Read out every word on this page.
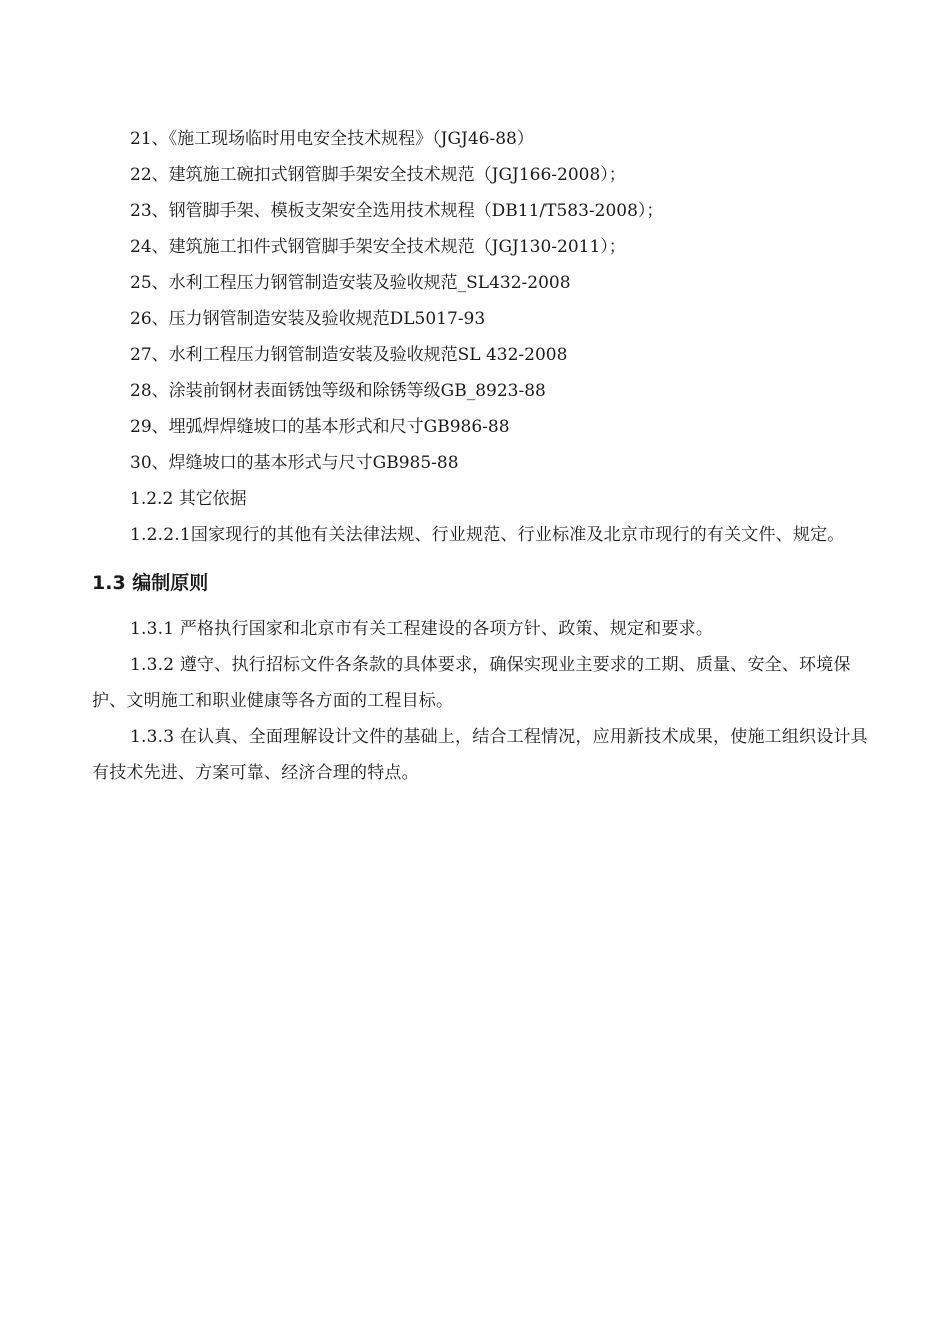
21、《施工现场临时用电安全技术规程》（JGJ46-88）
22、建筑施工碗扣式钢管脚手架安全技术规范（JGJ166-2008）；
23、钢管脚手架、模板支架安全选用技术规程（DB11/T583-2008）；
24、建筑施工扣件式钢管脚手架安全技术规范（JGJ130-2011）；
25、水利工程压力钢管制造安装及验收规范_SL432-2008
26、压力钢管制造安装及验收规范DL5017-93
27、水利工程压力钢管制造安装及验收规范SL 432-2008
28、涂装前钢材表面锈蚀等级和除锈等级GB_8923-88
29、埋弧焊焊缝坡口的基本形式和尺寸GB986-88
30、焊缝坡口的基本形式与尺寸GB985-88
1.2.2 其它依据

1.2.2.1国家现行的其他有关法律法规、行业规范、行业标准及北京市现行的有关文件、规定。

1.3 编制原则

1.3.1 严格执行国家和北京市有关工程建设的各项方针、政策、规定和要求。

1.3.2 遵守、执行招标文件各条款的具体要求，确保实现业主要求的工期、质量、安全、环境保护、文明施工和职业健康等各方面的工程目标。

1.3.3 在认真、全面理解设计文件的基础上，结合工程情况，应用新技术成果，使施工组织设计具有技术先进、方案可靠、经济合理的特点。
